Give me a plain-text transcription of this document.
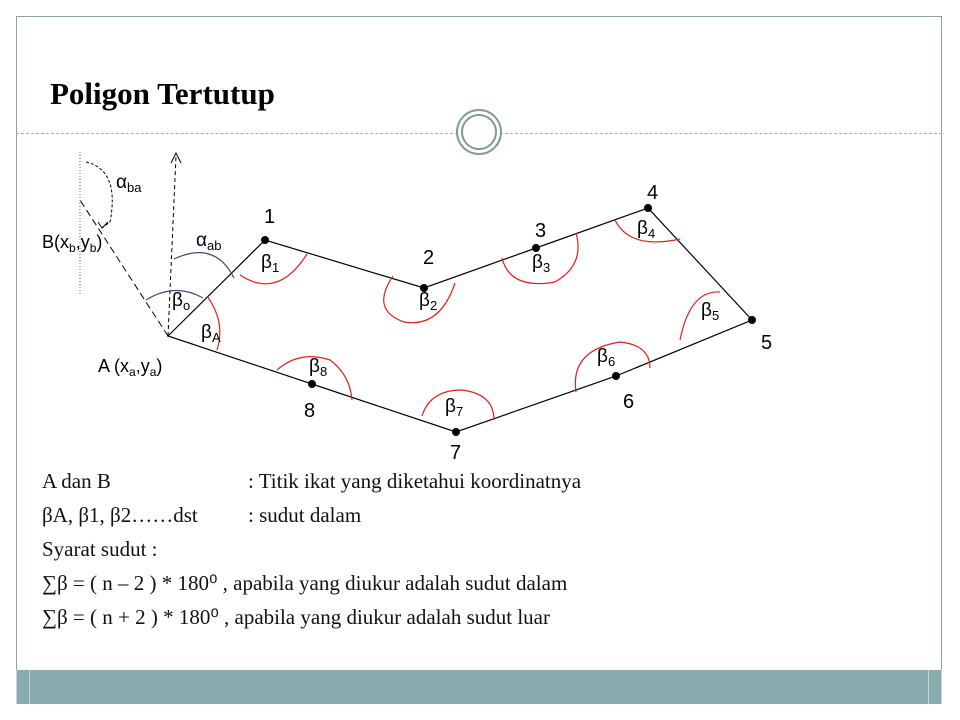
Poligon Tertutup
1
2
3
4
5
6
7
8
$B(x_b,y_b)$
A $(x_a,y_a)$
$\alpha_{ba}$
$\alpha_{ab}$
$\beta_o$
$\beta_A$
$\beta_1$
$\beta_2$
$\beta_3$
$\beta_4$
$\beta_5$
$\beta_6$
$\beta_7$
$\beta_8$
A dan B	: Titik ikat yang diketahui koordinatnya
βA, β1, β2……dst : sudut dalam
Syarat sudut :
∑β = ( n – 2 ) * 180⁰ , apabila yang diukur adalah sudut dalam
∑β = ( n + 2 ) * 180⁰ , apabila yang diukur adalah sudut luar
